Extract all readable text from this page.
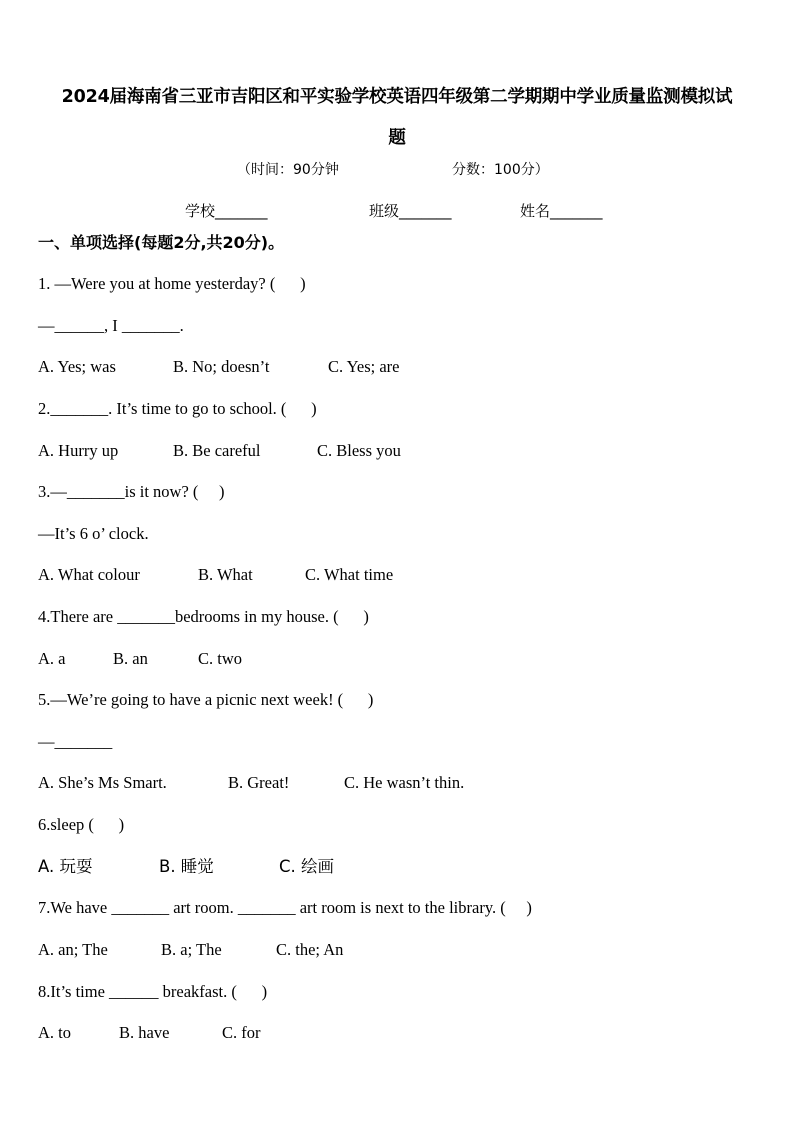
2024届海南省三亚市吉阳区和平实验学校英语四年级第二学期期中学业质量监测模拟试
题
（时间：90分钟	分数：100分）
学校_______	班级_______	姓名_______
一、单项选择(每题2分,共20分)。
1. —Were you at home yesterday? (      )
—______, I _______.
A. Yes; was	B. No; doesn’t	C. Yes; are
2._______. It’s time to go to school. (      )
A. Hurry up	B. Be careful	C. Bless you
3.—_______is it now? (     )
—It’s 6 o’ clock.
A. What colour	B. What	C. What time
4.There are _______bedrooms in my house. (      )
A. a	B. an	C. two
5.—We’re going to have a picnic next week! (      )
—_______
A. She’s Ms Smart.	B. Great!	C. He wasn’t thin.
6.sleep (      )
A. 玩耍	B. 睡觉	C. 绘画
7.We have _______ art room. _______ art room is next to the library. (     )
A. an; The	B. a; The	C. the; An
8.It’s time ______ breakfast. (      )
A. to	B. have	C. for
